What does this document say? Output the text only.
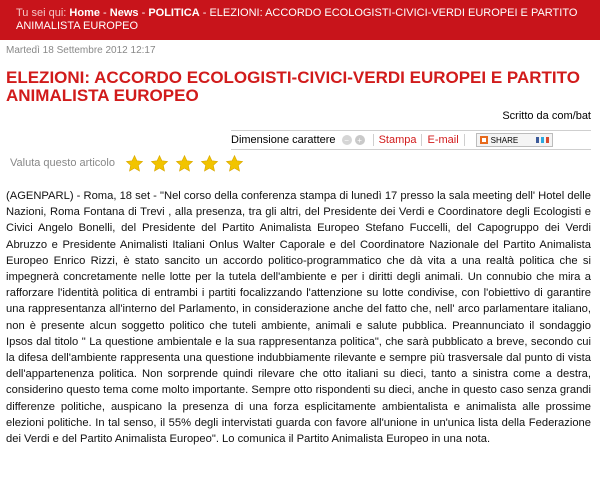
Tu sei qui: Home - News - POLITICA - ELEZIONI: ACCORDO ECOLOGISTI-CIVICI-VERDI EUROPEI E PARTITO ANIMALISTA EUROPEO
Martedì 18 Settembre 2012 12:17
ELEZIONI: ACCORDO ECOLOGISTI-CIVICI-VERDI EUROPEI E PARTITO ANIMALISTA EUROPEO
Scritto da com/bat
Dimensione carattere	−	+ Stampa E-mail	SHARE
Valuta questo articolo

(AGENPARL) - Roma, 18 set - "Nel corso della conferenza stampa di lunedì 17 presso la sala meeting dell' Hotel delle Nazioni, Roma Fontana di Trevi , alla presenza, tra gli altri, del Presidente dei Verdi e Coordinatore degli Ecologisti e Civici Angelo Bonelli, del Presidente del Partito Animalista Europeo Stefano Fuccelli, del Capogruppo dei Verdi Abruzzo e Presidente Animalisti Italiani Onlus Walter Caporale e del Coordinatore Nazionale del Partito Animalista Europeo Enrico Rizzi, è stato sancito un accordo politico-programmatico che dà vita a una realtà politica che si impegnerà concretamente nelle lotte per la tutela dell'ambiente e per i diritti degli animali. Un connubio che mira a rafforzare l'identità politica di entrambi i partiti focalizzando l'attenzione su lotte condivise, con l'obiettivo di garantire una rappresentanza all'interno del Parlamento, in considerazione anche del fatto che, nell' arco parlamentare italiano, non è presente alcun soggetto politico che tuteli ambiente, animali e salute pubblica. Preannunciato il sondaggio Ipsos dal titolo " La questione ambientale e la sua rappresentanza politica", che sarà pubblicato a breve, secondo cui la difesa dell'ambiente rappresenta una questione indubbiamente rilevante e sempre più trasversale dal punto di vista dell'appartenenza politica. Non sorprende quindi rilevare che otto italiani su dieci, tanto a sinistra come a destra, considerino questo tema come molto importante. Sempre otto rispondenti su dieci, anche in questo caso senza grandi differenze politiche, auspicano la presenza di una forza esplicitamente ambientalista e animalista alle prossime elezioni politiche. In tal senso, il 55% degli intervistati guarda con favore all'unione in un'unica lista della Federazione dei Verdi e del Partito Animalista Europeo". Lo comunica il Partito Animalista Europeo in una nota.
